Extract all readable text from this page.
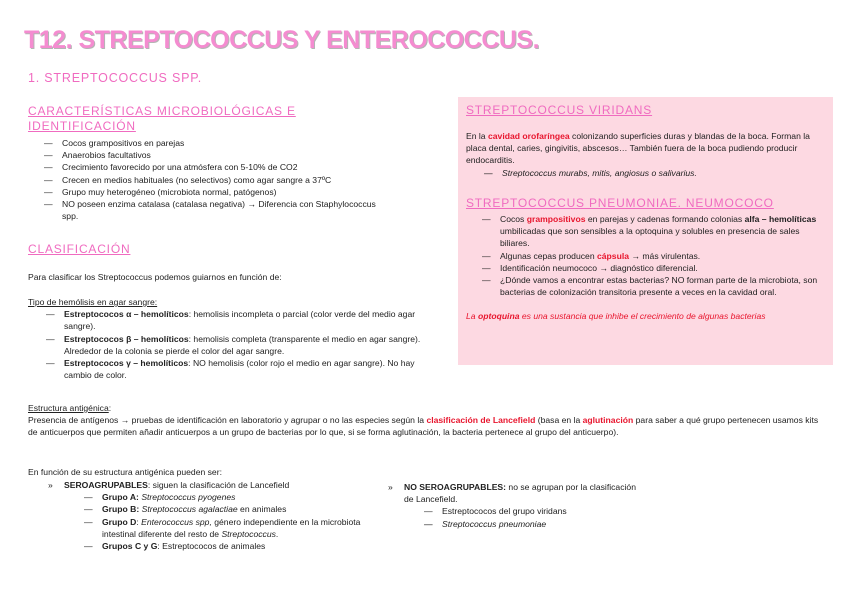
T12. STREPTOCOCCUS Y ENTEROCOCCUS.
1. STREPTOCOCCUS SPP.
CARACTERÍSTICAS MICROBIOLÓGICAS E
IDENTIFICACIÓN
— Cocos grampositivos en parejas
— Anaerobios facultativos
— Crecimiento favorecido por una atmósfera con 5-10% de CO2
— Crecen en medios habituales (no selectivos) como agar sangre a 37ºC
— Grupo muy heterogéneo (microbiota normal, patógenos)
— NO poseen enzima catalasa (catalasa negativa) → Diferencia con Staphylococcus spp.
CLASIFICACIÓN
Para clasificar los Streptococcus podemos guiarnos en función de:
Tipo de hemólisis en agar sangre:
— Estreptococos α – hemolíticos: hemolisis incompleta o parcial (color verde del medio agar sangre).
— Estreptococos β – hemolíticos: hemolisis completa (transparente el medio en agar sangre). Alrededor de la colonia se pierde el color del agar sangre.
— Estreptococos γ – hemolíticos: NO hemolisis (color rojo el medio en agar sangre). No hay cambio de color.
Estructura antigénica:
Presencia de antígenos → pruebas de identificación en laboratorio y agrupar o no las especies según la clasificación de Lancefield (basa en la aglutinación para saber a qué grupo pertenecen usamos kits de anticuerpos que permiten añadir anticuerpos a un grupo de bacterias por lo que, si se forma aglutinación, la bacteria pertenece al grupo del anticuerpo).
En función de su estructura antigénica pueden ser:
» SEROAGRUPABLES: siguen la clasificación de Lancefield
— Grupo A: Streptococcus pyogenes
— Grupo B: Streptococcus agalactiae en animales
— Grupo D: Enterococcus spp, género independiente en la microbiota intestinal diferente del resto de Streptococcus.
— Grupos C y G: Estreptococos de animales
» NO SEROAGRUPABLES: no se agrupan por la clasificación de Lancefield.
— Estreptococos del grupo viridans
— Streptococcus pneumoniae
STREPTOCOCCUS VIRIDANS
En la cavidad orofaríngea colonizando superficies duras y blandas de la boca. Forman la placa dental, caries, gingivitis, abscesos… También fuera de la boca pudiendo producir endocarditis.
— Streptococcus murabs, mitis, angiosus o salivarius.
STREPTOCOCCUS PNEUMONIAE. NEUMOCOCO
— Cocos grampositivos en parejas y cadenas formando colonias alfa – hemolíticas umbilicadas que son sensibles a la optoquina y solubles en presencia de sales biliares.
— Algunas cepas producen cápsula → más virulentas.
— Identificación neumococo → diagnóstico diferencial.
— ¿Dónde vamos a encontrar estas bacterias? NO forman parte de la microbiota, son bacterias de colonización transitoria presente a veces en la cavidad oral.
La optoquina es una sustancia que inhibe el crecimiento de algunas bacterias
